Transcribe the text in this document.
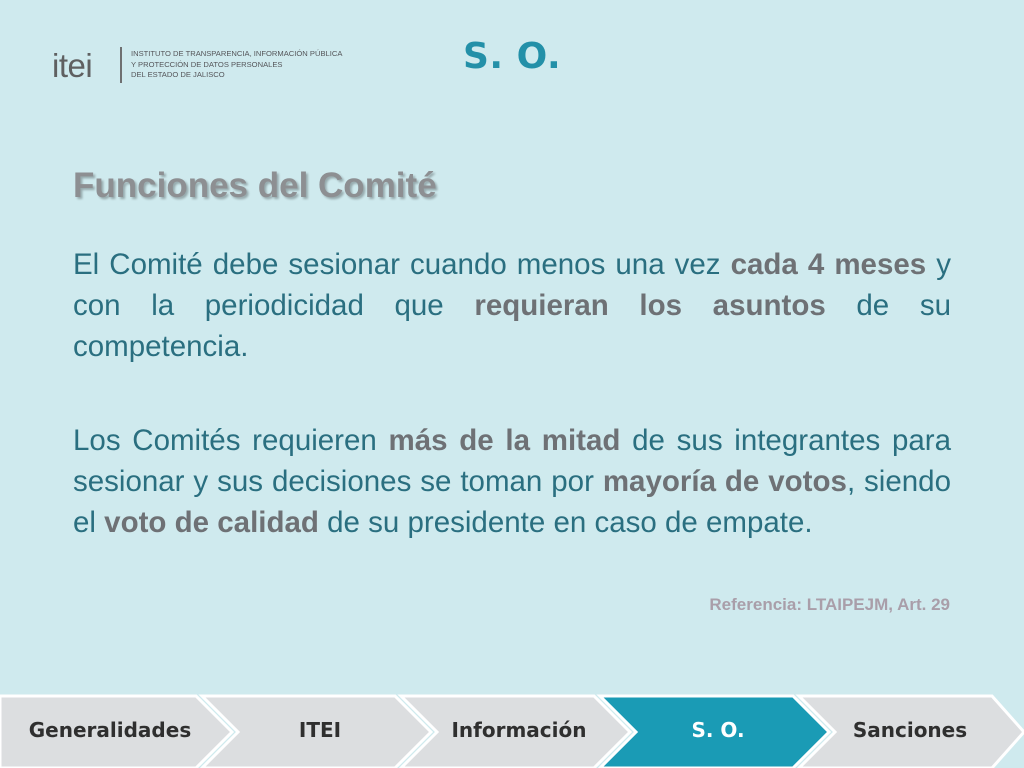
itei	INSTITUTO DE TRANSPARENCIA, INFORMACIÓN PÚBLICA
Y PROTECCIÓN DE DATOS PERSONALES
DEL ESTADO DE JALISCO	S. O.
Funciones del Comité

El Comité debe sesionar cuando menos una vez cada 4 meses y con la periodicidad que requieran los asuntos de su competencia.

Los Comités requieren más de la mitad de sus integrantes para sesionar y sus decisiones se toman por mayoría de votos, siendo el voto de calidad de su presidente en caso de empate.

Referencia: LTAIPEJM, Art. 29
Generalidades	ITEI	Información	S. O.	Sanciones
